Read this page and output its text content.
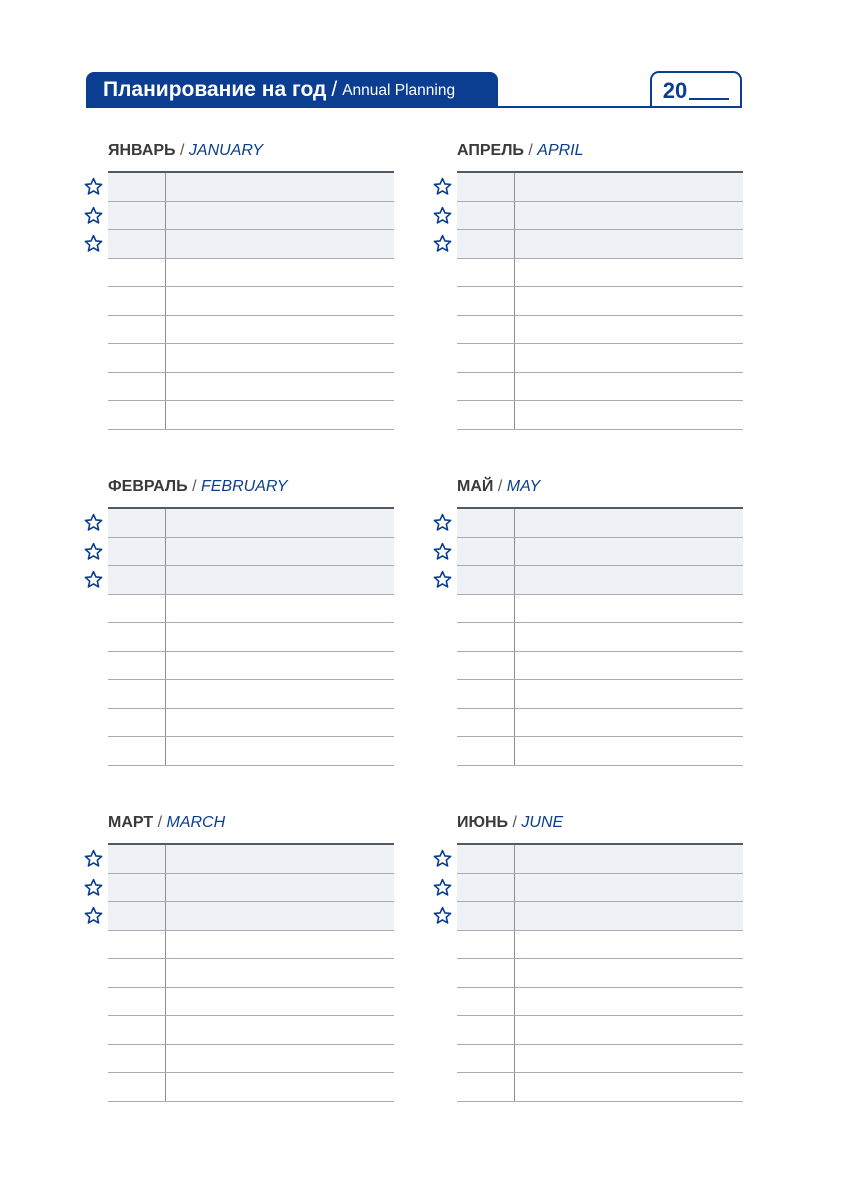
Планирование на год / Annual Planning	20
ЯНВАРЬ / JANUARY
ФЕВРАЛЬ / FEBRUARY
МАРТ / MARCH
АПРЕЛЬ / APRIL
МАЙ / MAY
ИЮНЬ / JUNE
